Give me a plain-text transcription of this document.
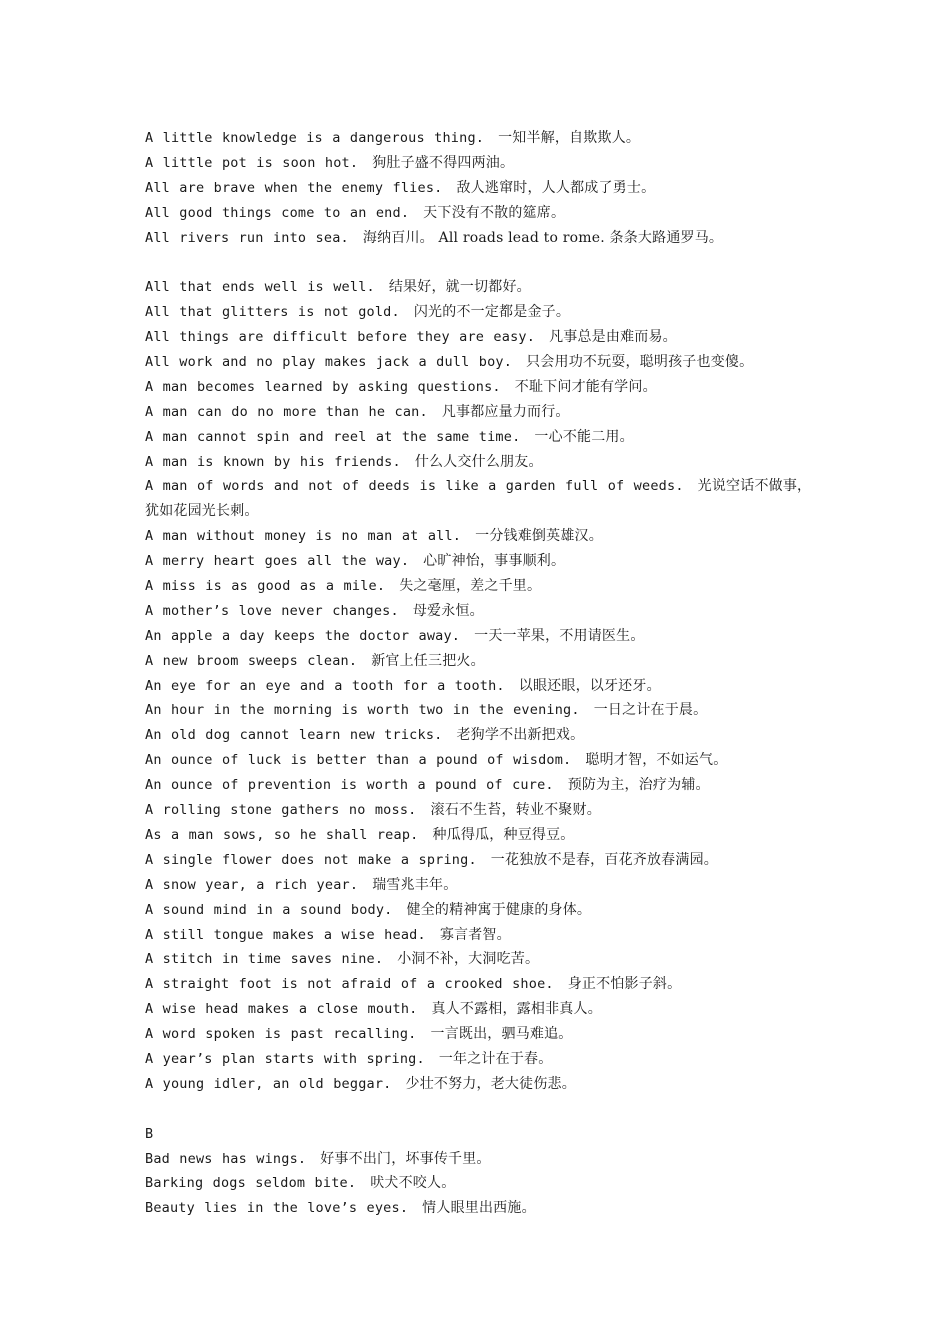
A little knowledge is a dangerous thing. 一知半解，自欺欺人。
A little pot is soon hot. 狗肚子盛不得四两油。
All are brave when the enemy flies. 敌人逃窜时，人人都成了勇士。
All good things come to an end. 天下没有不散的筵席。
All rivers run into sea. 海纳百川。 All roads lead to rome. 条条大路通罗马。
All that ends well is well. 结果好，就一切都好。
All that glitters is not gold. 闪光的不一定都是金子。
All things are difficult before they are easy. 凡事总是由难而易。
All work and no play makes jack a dull boy. 只会用功不玩耍，聪明孩子也变傻。
A man becomes learned by asking questions. 不耻下问才能有学问。
A man can do no more than he can. 凡事都应量力而行。
A man cannot spin and reel at the same time. 一心不能二用。
A man is known by his friends. 什么人交什么朋友。
A man of words and not of deeds is like a garden full of weeds. 光说空话不做事，
犹如花园光长刺。
A man without money is no man at all. 一分钱难倒英雄汉。
A merry heart goes all the way. 心旷神怡，事事顺利。
A miss is as good as a mile. 失之毫厘，差之千里。
A mother’s love never changes. 母爱永恒。
An apple a day keeps the doctor away. 一天一苹果，不用请医生。
A new broom sweeps clean. 新官上任三把火。
An eye for an eye and a tooth for a tooth. 以眼还眼，以牙还牙。
An hour in the morning is worth two in the evening. 一日之计在于晨。
An old dog cannot learn new tricks. 老狗学不出新把戏。
An ounce of luck is better than a pound of wisdom. 聪明才智，不如运气。
An ounce of prevention is worth a pound of cure. 预防为主，治疗为辅。
A rolling stone gathers no moss. 滚石不生苔，转业不聚财。
As a man sows, so he shall reap. 种瓜得瓜，种豆得豆。
A single flower does not make a spring. 一花独放不是春，百花齐放春满园。
A snow year, a rich year. 瑞雪兆丰年。
A sound mind in a sound body. 健全的精神寓于健康的身体。
A still tongue makes a wise head. 寡言者智。
A stitch in time saves nine. 小洞不补，大洞吃苦。
A straight foot is not afraid of a crooked shoe. 身正不怕影子斜。
A wise head makes a close mouth. 真人不露相，露相非真人。
A word spoken is past recalling. 一言既出，驷马难追。
A year’s plan starts with spring. 一年之计在于春。
A young idler, an old beggar. 少壮不努力，老大徒伤悲。
B
Bad news has wings. 好事不出门，坏事传千里。
Barking dogs seldom bite. 吠犬不咬人。
Beauty lies in the love’s eyes. 情人眼里出西施。
